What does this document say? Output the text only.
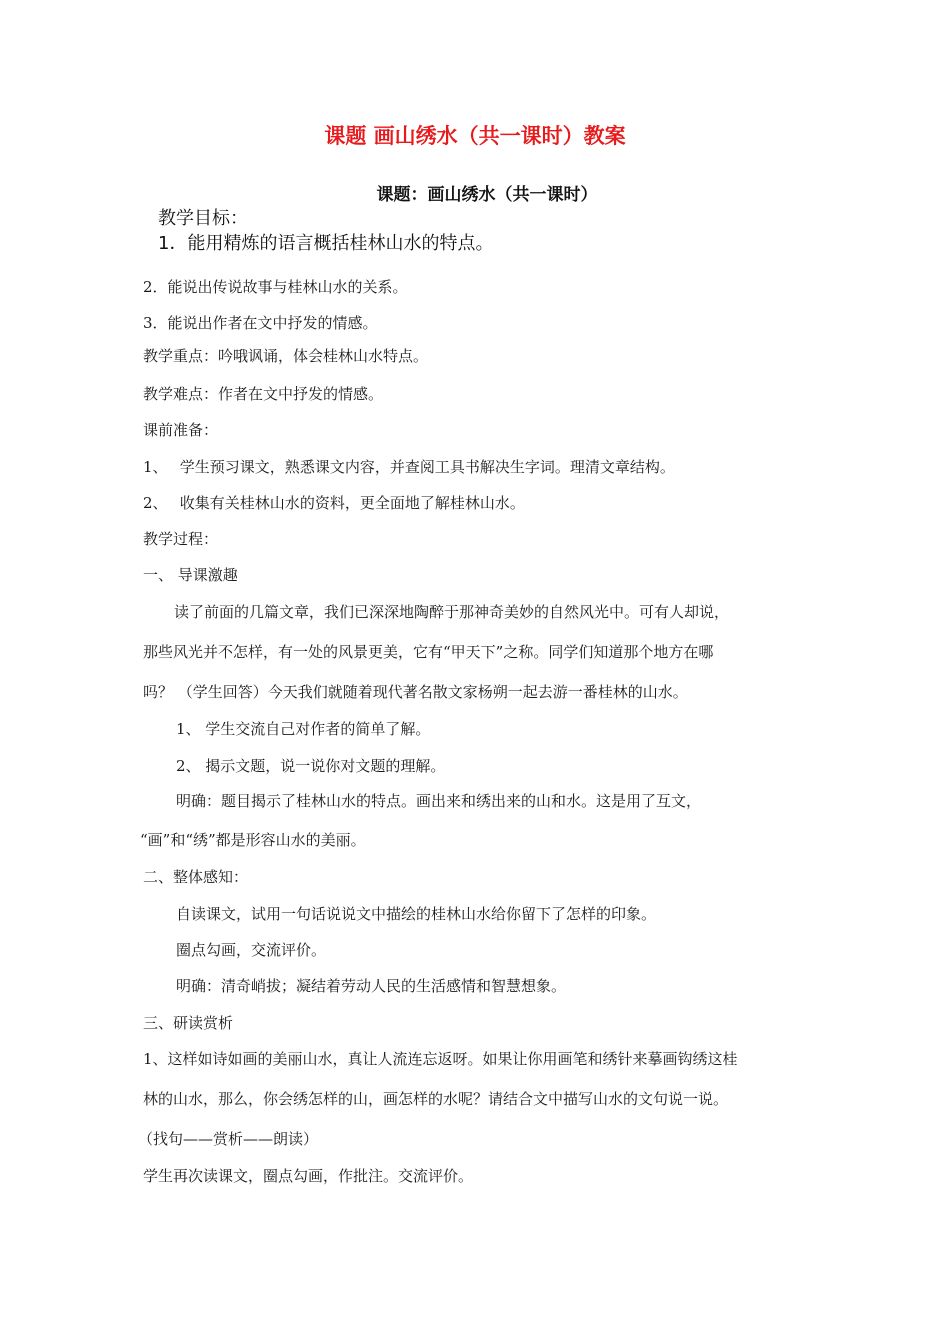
课题 画山绣水（共一课时）教案
课题：画山绣水（共一课时）
教学目标：
1．能用精炼的语言概括桂林山水的特点。
2．能说出传说故事与桂林山水的关系。
3．能说出作者在文中抒发的情感。
教学重点：吟哦讽诵，体会桂林山水特点。
教学难点：作者在文中抒发的情感。
课前准备：
1、　 学生预习课文，熟悉课文内容，并查阅工具书解决生字词。理清文章结构。
2、　 收集有关桂林山水的资料，更全面地了解桂林山水。
教学过程：
一、 导课激趣
读了前面的几篇文章，我们已深深地陶醉于那神奇美妙的自然风光中。可有人却说，
那些风光并不怎样，有一处的风景更美，它有“甲天下”之称。同学们知道那个地方在哪
吗？ （学生回答）今天我们就随着现代著名散文家杨朔一起去游一番桂林的山水。
1、 学生交流自己对作者的简单了解。
2、 揭示文题，说一说你对文题的理解。
明确：题目揭示了桂林山水的特点。画出来和绣出来的山和水。这是用了互文，
“画”和“绣”都是形容山水的美丽。
二、整体感知：
自读课文，试用一句话说说文中描绘的桂林山水给你留下了怎样的印象。
圈点勾画，交流评价。
明确：清奇峭拔；凝结着劳动人民的生活感情和智慧想象。
三、研读赏析
1、这样如诗如画的美丽山水，真让人流连忘返呀。如果让你用画笔和绣针来摹画钩绣这桂
林的山水，那么，你会绣怎样的山，画怎样的水呢？请结合文中描写山水的文句说一说。
（找句——赏析——朗读）
学生再次读课文，圈点勾画，作批注。交流评价。
